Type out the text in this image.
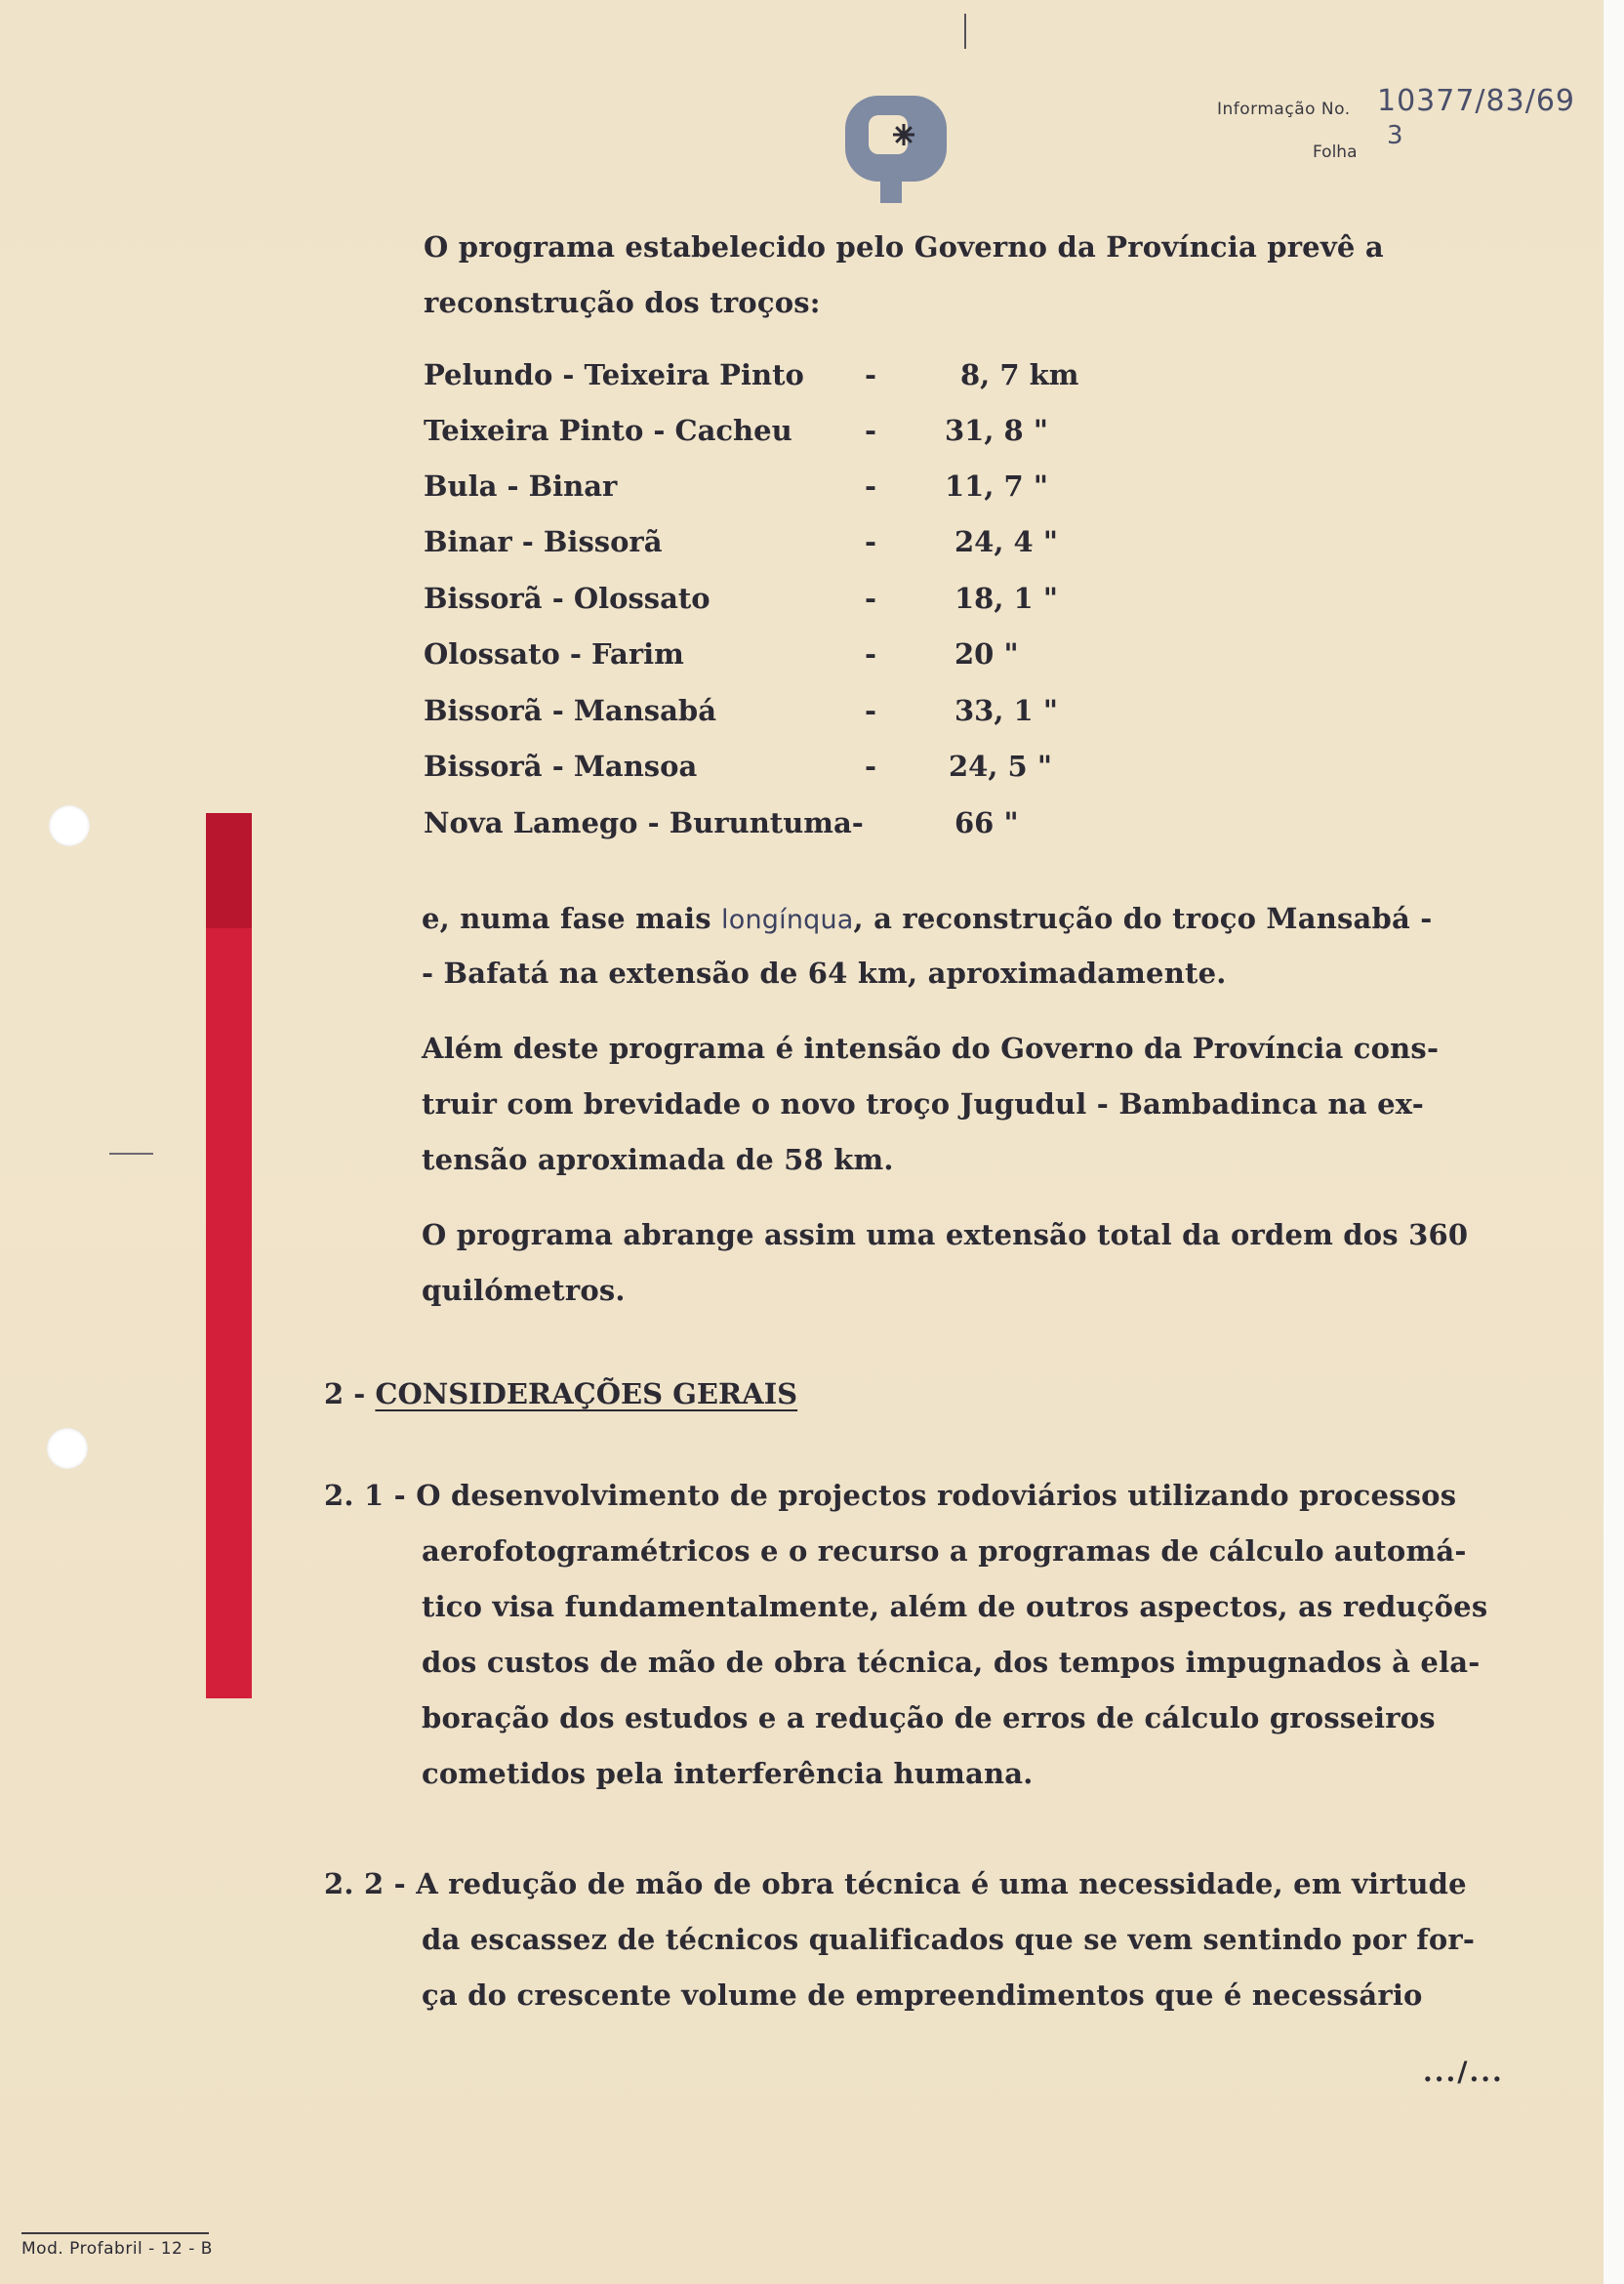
Informação No. 10377/83/69
Folha
3
O programa estabelecido pelo Governo da Província prevê a
reconstrução dos troços:
Pelundo - Teixeira Pinto -	8, 7 km
Teixeira Pinto - Cacheu	- 31, 8 "
Bula - Binar	- 11, 7 "
Binar - Bissorã	-	24, 4 "
Bissorã - Olossato	-	18, 1 "
Olossato - Farim	-	20 "
Bissorã - Mansabá	-	33, 1 "
Bissorã - Mansoa	-	24, 5 "
Nova Lamego - Buruntuma-	66 "
e, numa fase mais longínqua, a reconstrução do troço Mansabá -
- Bafatá na extensão de 64 km, aproximadamente.
Além deste programa é intensão do Governo da Província cons-
truir com brevidade o novo troço Jugudul - Bambadinca na ex-
tensão aproximada de 58 km.
O programa abrange assim uma extensão total da ordem dos 360
quilómetros.
2 - CONSIDERAÇÕES GERAIS
2. 1 - O desenvolvimento de projectos rodoviários utilizando processos
aerofotogramétricos e o recurso a programas de cálculo automá-
tico visa fundamentalmente, além de outros aspectos, as reduções
dos custos de mão de obra técnica, dos tempos impugnados à ela-
boração dos estudos e a redução de erros de cálculo grosseiros
cometidos pela interferência humana.
2. 2 - A redução de mão de obra técnica é uma necessidade, em virtude
da escassez de técnicos qualificados que se vem sentindo por for-
ça do crescente volume de empreendimentos que é necessário
.../...
Mod. Profabril - 12 - B
